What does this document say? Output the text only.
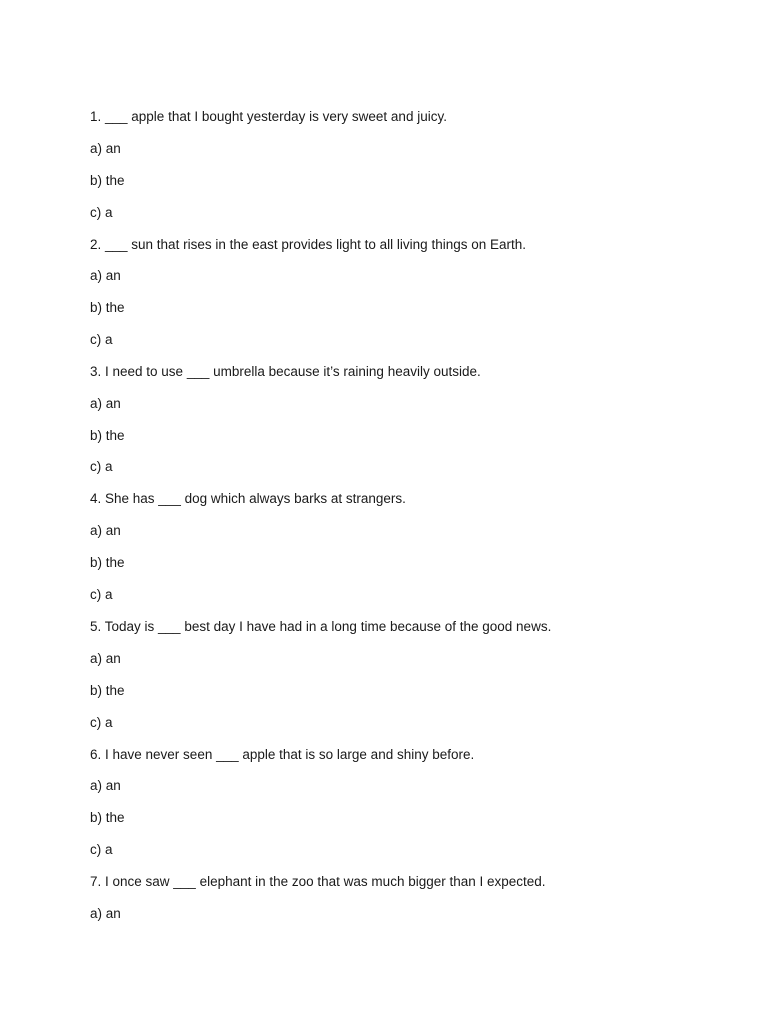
1. ___ apple that I bought yesterday is very sweet and juicy.
a) an
b) the
c) a
2. ___ sun that rises in the east provides light to all living things on Earth.
a) an
b) the
c) a
3. I need to use ___ umbrella because it’s raining heavily outside.
a) an
b) the
c) a
4. She has ___ dog which always barks at strangers.
a) an
b) the
c) a
5. Today is ___ best day I have had in a long time because of the good news.
a) an
b) the
c) a
6. I have never seen ___ apple that is so large and shiny before.
a) an
b) the
c) a
7. I once saw ___ elephant in the zoo that was much bigger than I expected.
a) an
